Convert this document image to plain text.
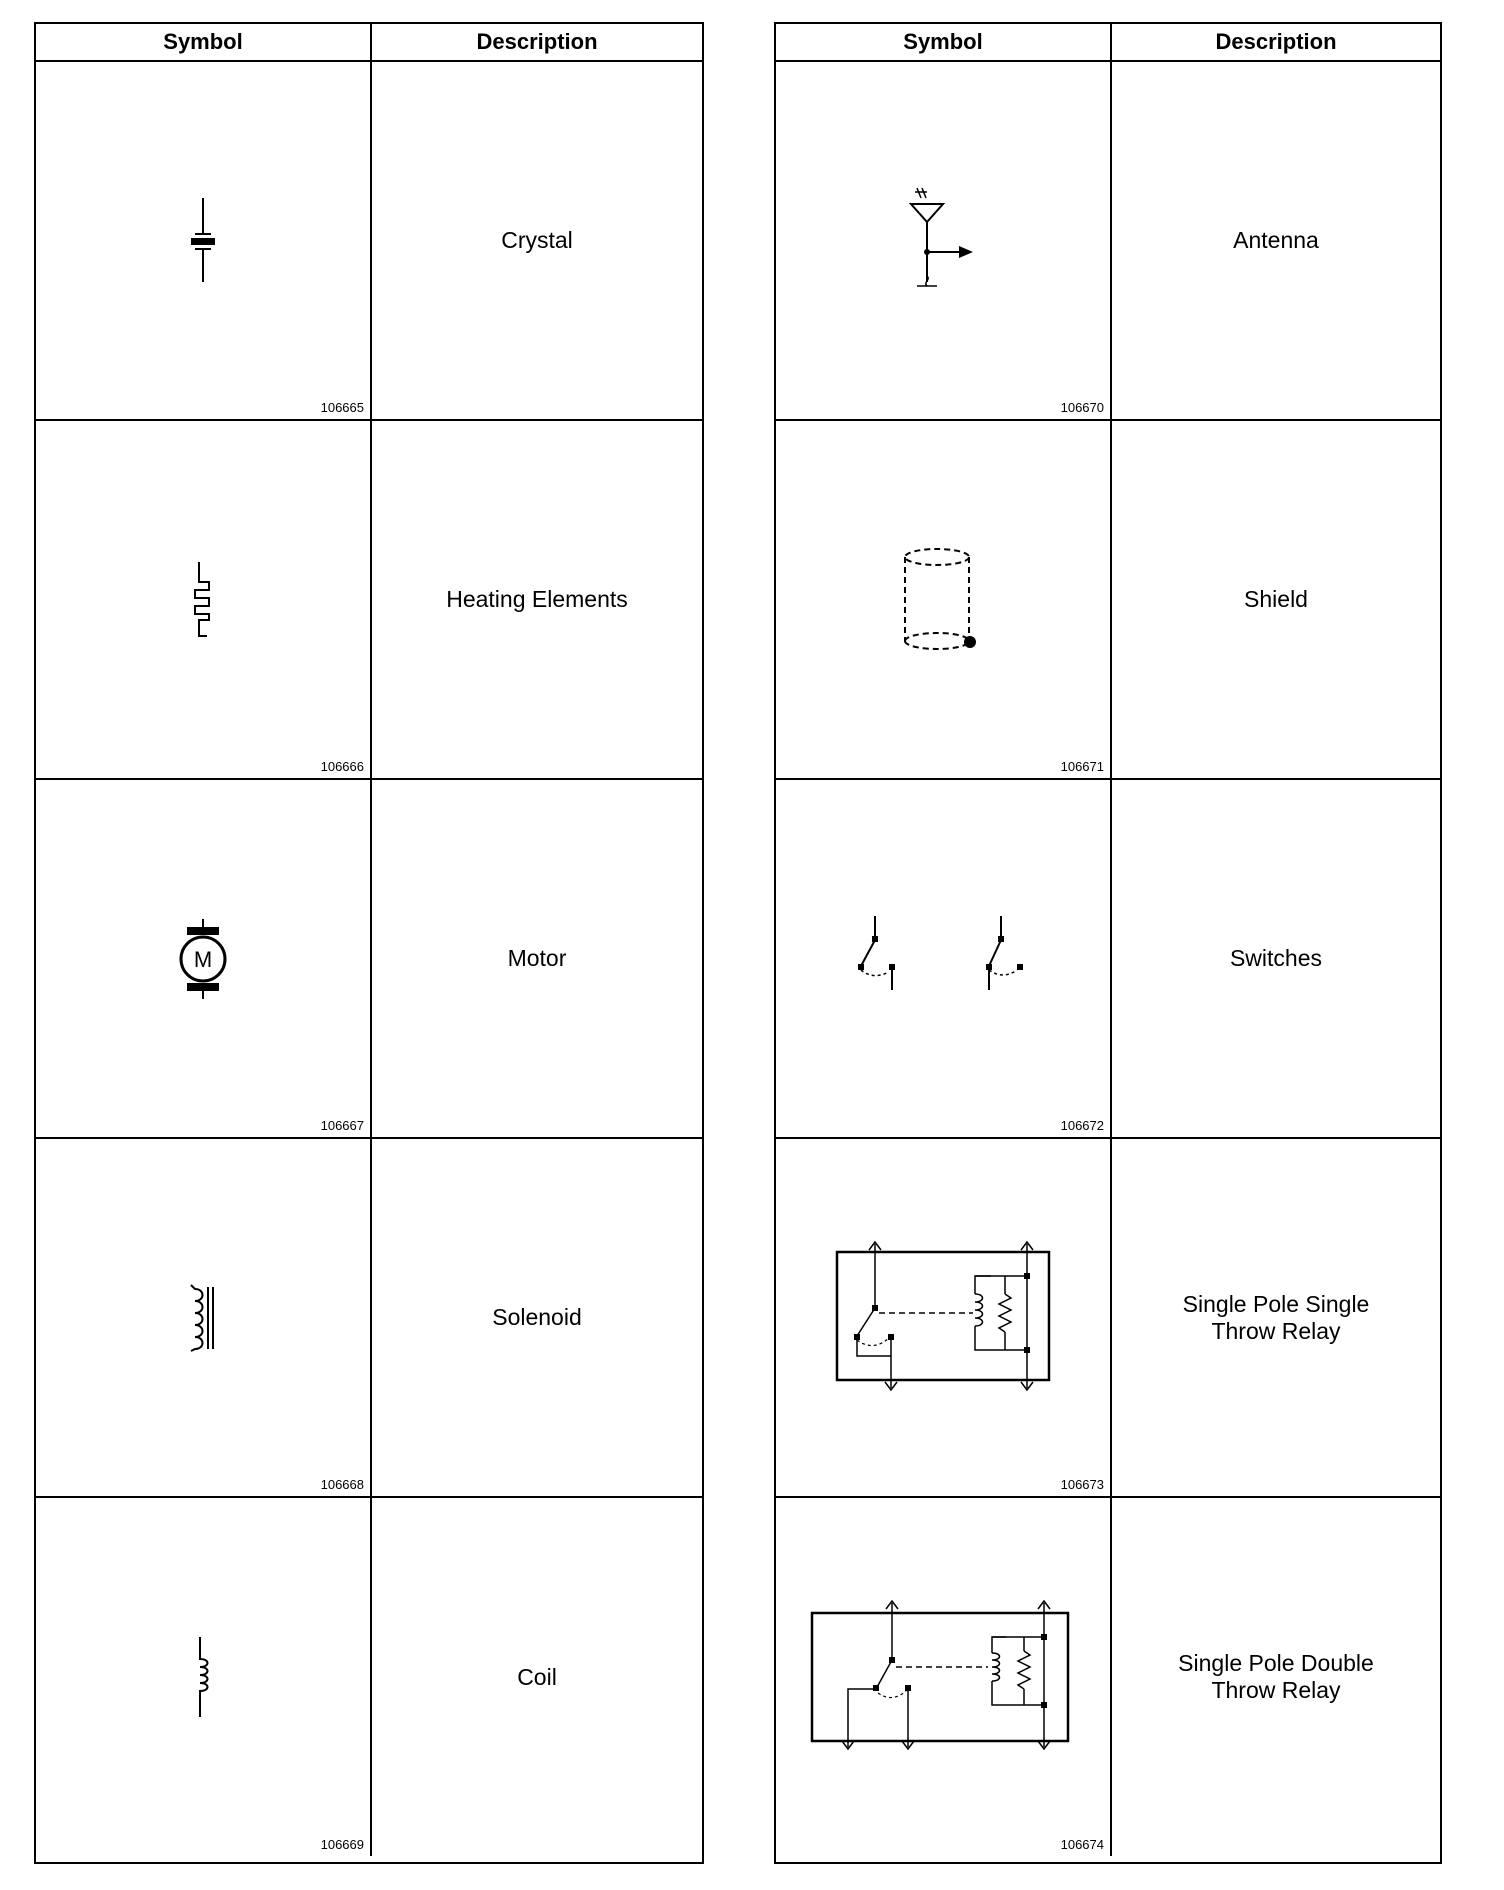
Symbol	Description
106665
Crystal
106666
Heating Elements
M
106667
Motor
106668
Solenoid
106669
Coil
Symbol	Description
106670
Antenna
106671
Shield
106672
Switches
106673
Single Pole Single
Throw Relay
106674
Single Pole Double
Throw Relay
